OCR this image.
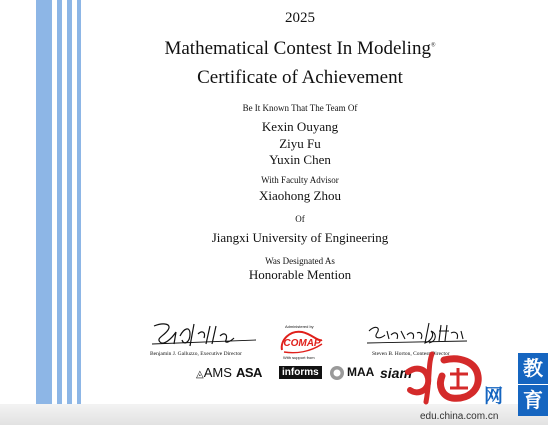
2025
Mathematical Contest In Modeling®
Certificate of Achievement
Be It Known That The Team Of
Kexin Ouyang
Ziyu Fu
Yuxin Chen
With Faculty Advisor
Xiaohong Zhou
Of
Jiangxi University of Engineering
Was Designated As
Honorable Mention
Benjamin J. Galluzzo, Executive Director
Administered by
COMAP
With support from
Steven B. Horton, Contest Director
◬AMS ASA	informs MAA siam
网
教
育
edu.china.com.cn
